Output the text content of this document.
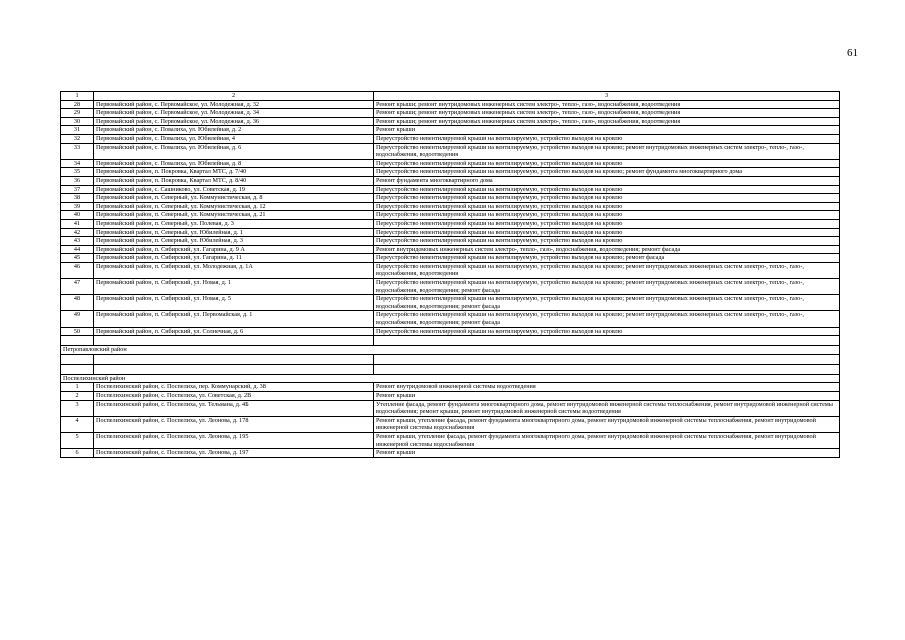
61
1	2	3
28	Первомайский район, с. Первомайское, ул. Молодежная, д. 32	Ремонт крыши; ремонт внутридомовых инженерных систем электро-, тепло-, газо-, водоснабжения, водоотведения
29	Первомайский район, с. Первомайское, ул. Молодежная, д. 34	Ремонт крыши; ремонт внутридомовых инженерных систем электро-, тепло-, газо-, водоснабжения, водоотведения
30	Первомайский район, с. Первомайское, ул. Молодежная, д. 36	Ремонт крыши; ремонт внутридомовых инженерных систем электро-, тепло-, газо-, водоснабжения, водоотведения
31	Первомайский район, с. Повалиха, ул. Юбилейная, д. 2	Ремонт крыши
32	Первомайский район, с. Повалиха, ул. Юбилейная, 4	Переустройство невентилируемой крыши на вентилируемую, устройство выходов на кровлю
33	Первомайский район, с. Повалиха, ул. Юбилейная, д. 6	Переустройство невентилируемой крыши на вентилируемую, устройство выходов на кровлю; ремонт внутридомовых инженерных систем электро-, тепло-, газо-, водоснабжения, водоотведения
34	Первомайский район, с. Повалиха, ул. Юбилейная, д. 8	Переустройство невентилируемой крыши на вентилируемую, устройство выходов на кровлю
35	Первомайский район, п. Покровка, Квартал МТС, д. 7/40	Переустройство невентилируемой крыши на вентилируемую, устройство выходов на кровлю; ремонт фундамента многоквартирного дома
36	Первомайский район, п. Покровка, Квартал МТС, д. 8/40	Ремонт фундамента многоквартирного дома
37	Первомайский район, с. Сашниково, ул. Советская, д. 19	Переустройство невентилируемой крыши на вентилируемую, устройство выходов на кровлю
38	Первомайский район, п. Северный, ул. Коммунистическая, д. 8	Переустройство невентилируемой крыши на вентилируемую, устройство выходов на кровлю
39	Первомайский район, п. Северный, ул. Коммунистическая, д. 12	Переустройство невентилируемой крыши на вентилируемую, устройство выходов на кровлю
40	Первомайский район, п. Северный, ул. Коммунистическая, д. 21	Переустройство невентилируемой крыши на вентилируемую, устройство выходов на кровлю
41	Первомайский район, п. Северный, ул. Полевая, д. 3	Переустройство невентилируемой крыши на вентилируемую, устройство выходов на кровлю
42	Первомайский район, п. Северный, ул. Юбилейная, д. 1	Переустройство невентилируемой крыши на вентилируемую, устройство выходов на кровлю
43	Первомайский район, п. Северный, ул. Юбилейная, д. 3	Переустройство невентилируемой крыши на вентилируемую, устройство выходов на кровлю
44	Первомайский район, п. Сибирский, ул. Гагарина, д. 9 А	Ремонт внутридомовых инженерных систем электро-, тепло-, газо-, водоснабжения, водоотведения; ремонт фасада
45	Первомайский район, п. Сибирский, ул. Гагарина, д. 11	Переустройство невентилируемой крыши на вентилируемую, устройство выходов на кровлю; ремонт фасада
46	Первомайский район, п. Сибирский, ул. Молодежная, д. 1А	Переустройство невентилируемой крыши на вентилируемую, устройство выходов на кровлю; ремонт внутридомовых инженерных систем электро-, тепло-, газо-, водоснабжения, водоотведения
47	Первомайский район, п. Сибирский, ул. Новая, д. 1	Переустройство невентилируемой крыши на вентилируемую, устройство выходов на кровлю; ремонт внутридомовых инженерных систем электро-, тепло-, газо-, водоснабжения, водоотведения; ремонт фасада
48	Первомайский район, п. Сибирский, ул. Новая, д. 5	Переустройство невентилируемой крыши на вентилируемую, устройство выходов на кровлю; ремонт внутридомовых инженерных систем электро-, тепло-, газо-, водоснабжения, водоотведения; ремонт фасада
49	Первомайский район, п. Сибирский, ул. Первомайская, д. 1	Переустройство невентилируемой крыши на вентилируемую, устройство выходов на кровлю; ремонт внутридомовых инженерных систем электро-, тепло-, газо-, водоснабжения, водоотведения; ремонт фасада
50	Первомайский район, п. Сибирский, ул. Солнечная, д. 6	Переустройство невентилируемой крыши на вентилируемую, устройство выходов на кровлю

Петропавловский район		

Поспелихинский район		
1	Поспелихинский район, с. Поспелиха, пер. Коммунарский, д. 38	Ремонт внутридомовой инженерной системы водоотведения
2	Поспелихинский район, с. Поспелиха, ул. Советская, д. 2В	Ремонт крыши
3	Поспелихинский район, с. Поспелиха, ул. Тельмана, д. 4Б	Утепление фасада, ремонт фундамента многоквартирного дома, ремонт внутридомовой инженерной системы теплоснабжения, ремонт внутридомовой инженерной системы водоснабжения; ремонт крыши, ремонт внутридомовой инженерной системы водоотведения
4	Поспелихинский район, с. Поспелиха, ул. Леонова, д. 178	Ремонт крыши, утепление фасада, ремонт фундамента многоквартирного дома, ремонт внутридомовой инженерной системы теплоснабжения, ремонт внутридомовой инженерной системы водоснабжения
5	Поспелихинский район, с. Поспелиха, ул. Леонова, д. 195	Ремонт крыши, утепление фасада, ремонт фундамента многоквартирного дома, ремонт внутридомовой инженерной системы теплоснабжения, ремонт внутридомовой инженерной системы водоснабжения
6	Поспелихинский район, с. Поспелиха, ул. Леонова, д. 197	Ремонт крыши
